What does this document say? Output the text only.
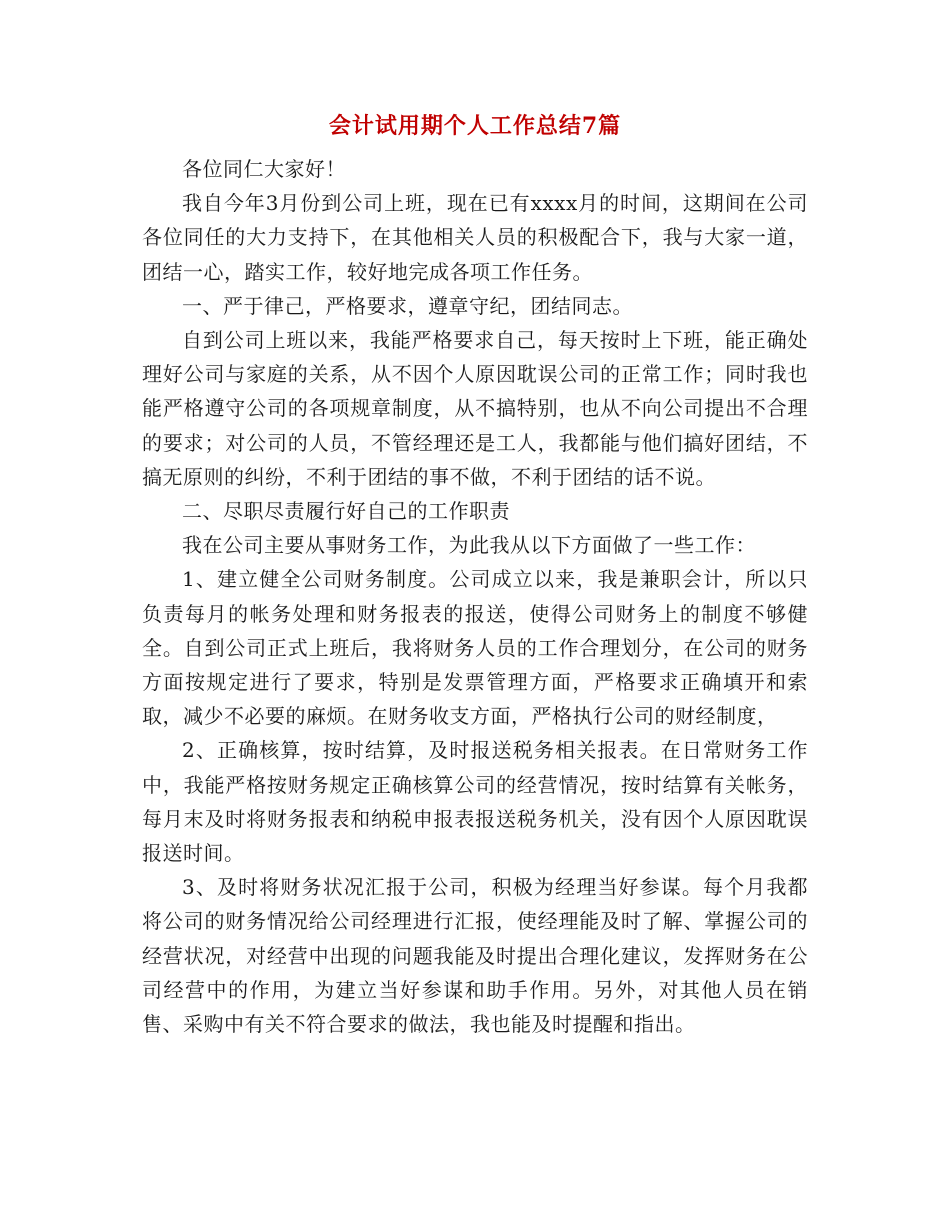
会计试用期个人工作总结7篇

各位同仁大家好！

我自今年3月份到公司上班，现在已有xxxx月的时间，这期间在公司各位同任的大力支持下，在其他相关人员的积极配合下，我与大家一道，团结一心，踏实工作，较好地完成各项工作任务。

一、严于律己，严格要求，遵章守纪，团结同志。

自到公司上班以来，我能严格要求自己，每天按时上下班，能正确处理好公司与家庭的关系，从不因个人原因耽误公司的正常工作；同时我也能严格遵守公司的各项规章制度，从不搞特别，也从不向公司提出不合理的要求；对公司的人员，不管经理还是工人，我都能与他们搞好团结，不搞无原则的纠纷，不利于团结的事不做，不利于团结的话不说。

二、尽职尽责履行好自己的工作职责

我在公司主要从事财务工作，为此我从以下方面做了一些工作：

1、建立健全公司财务制度。公司成立以来，我是兼职会计，所以只负责每月的帐务处理和财务报表的报送，使得公司财务上的制度不够健全。自到公司正式上班后，我将财务人员的工作合理划分，在公司的财务方面按规定进行了要求，特别是发票管理方面，严格要求正确填开和索取，减少不必要的麻烦。在财务收支方面，严格执行公司的财经制度，

2、正确核算，按时结算，及时报送税务相关报表。在日常财务工作中，我能严格按财务规定正确核算公司的经营情况，按时结算有关帐务，每月末及时将财务报表和纳税申报表报送税务机关，没有因个人原因耽误报送时间。

3、及时将财务状况汇报于公司，积极为经理当好参谋。每个月我都将公司的财务情况给公司经理进行汇报，使经理能及时了解、掌握公司的经营状况，对经营中出现的问题我能及时提出合理化建议，发挥财务在公司经营中的作用，为建立当好参谋和助手作用。另外，对其他人员在销售、采购中有关不符合要求的做法，我也能及时提醒和指出。
